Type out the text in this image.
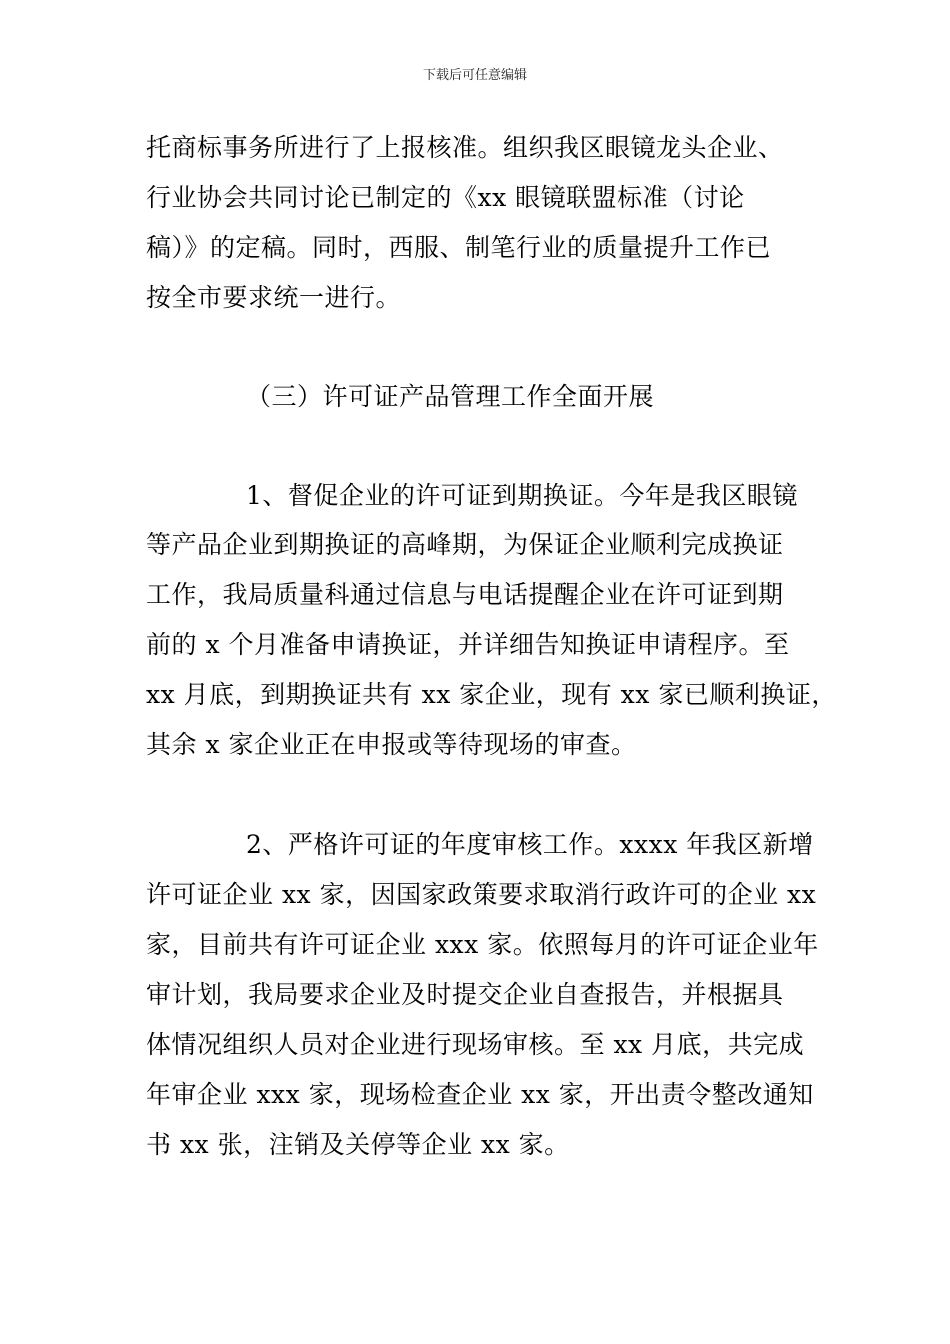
下载后可任意编辑
托商标事务所进行了上报核准。组织我区眼镜龙头企业、
行业协会共同讨论已制定的《xx 眼镜联盟标准（讨论
稿）》的定稿。同时，西服、制笔行业的质量提升工作已
按全市要求统一进行。
（三）许可证产品管理工作全面开展
1、督促企业的许可证到期换证。今年是我区眼镜
等产品企业到期换证的高峰期，为保证企业顺利完成换证
工作，我局质量科通过信息与电话提醒企业在许可证到期
前的 x 个月准备申请换证，并详细告知换证申请程序。至
xx 月底，到期换证共有 xx 家企业，现有 xx 家已顺利换证，
其余 x 家企业正在申报或等待现场的审查。
2、严格许可证的年度审核工作。xxxx 年我区新增
许可证企业 xx 家，因国家政策要求取消行政许可的企业 xx
家，目前共有许可证企业 xxx 家。依照每月的许可证企业年
审计划，我局要求企业及时提交企业自查报告，并根据具
体情况组织人员对企业进行现场审核。至 xx 月底，共完成
年审企业 xxx 家，现场检查企业 xx 家，开出责令整改通知
书 xx 张，注销及关停等企业 xx 家。
